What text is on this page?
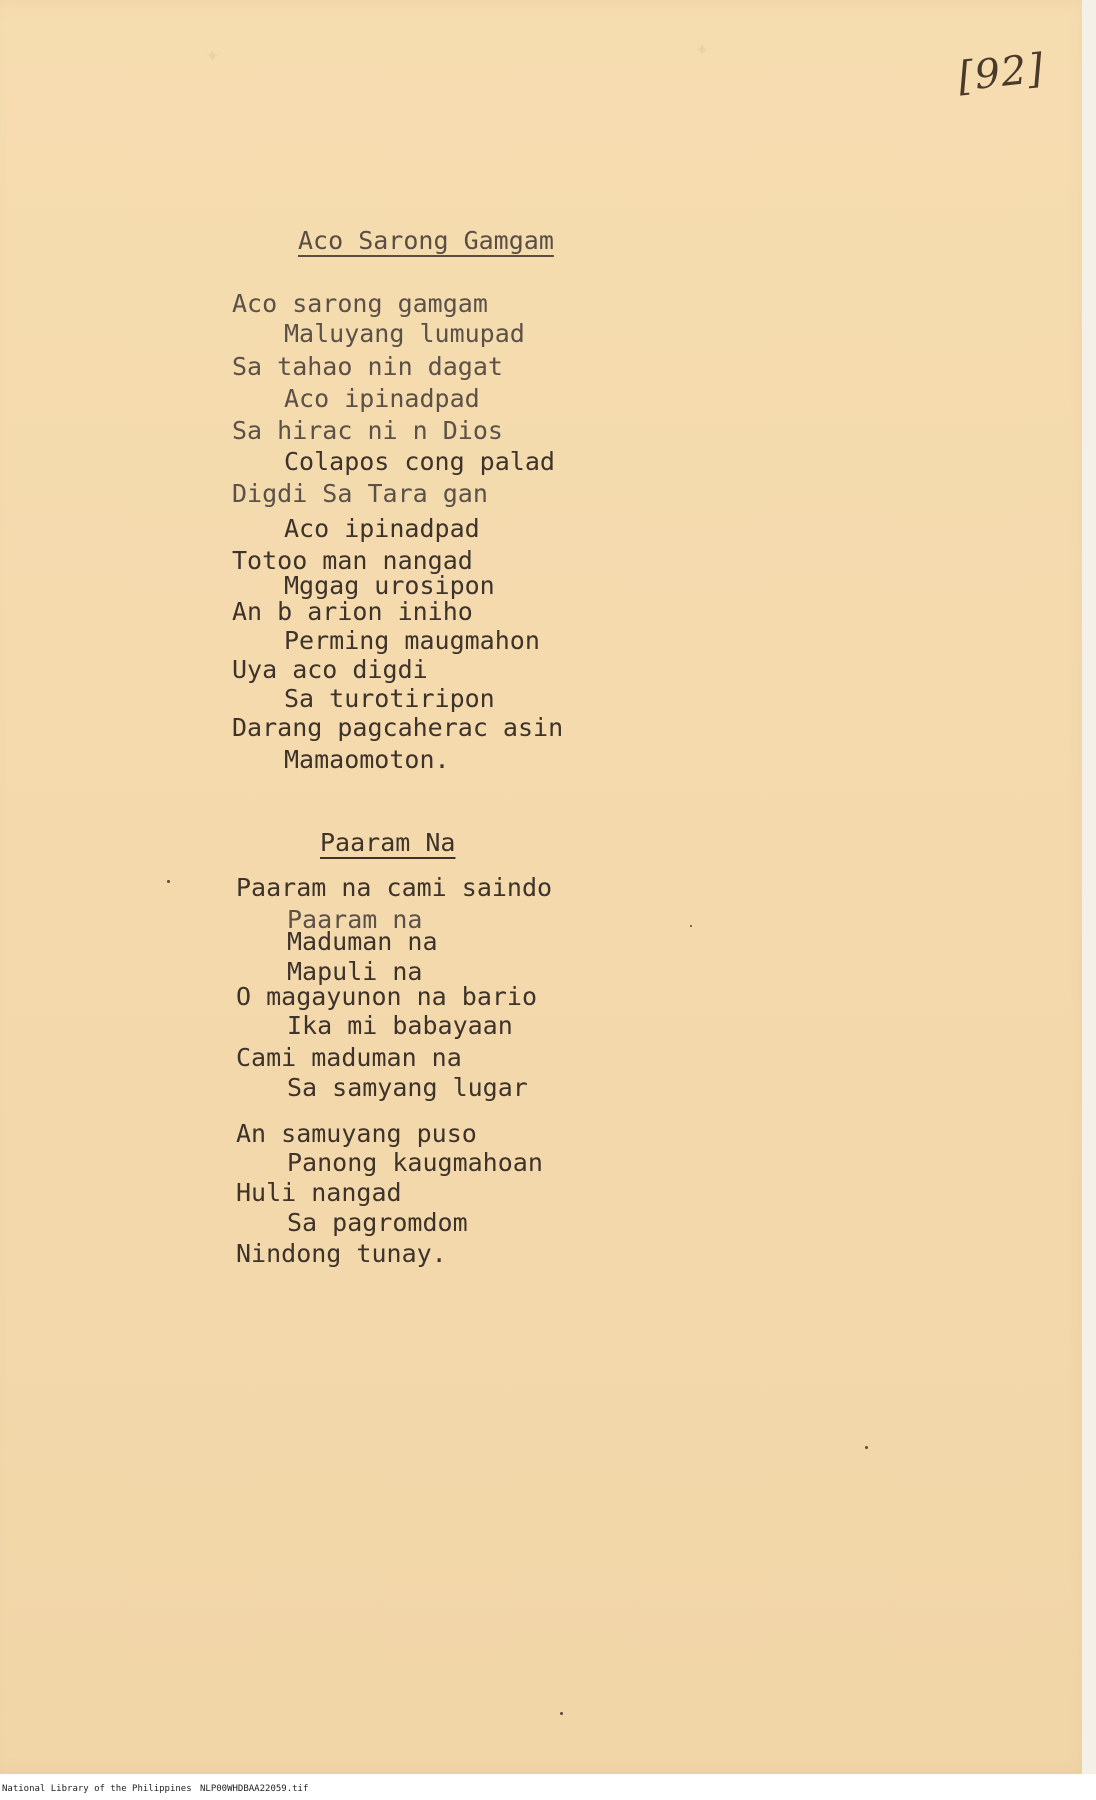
✦	✦	[92]
Aco Sarong Gamgam
Aco sarong gamgam
Maluyang lumupad
Sa tahao nin dagat
Aco ipinadpad
Sa hirac ni n Dios
Colapos cong palad
Digdi Sa Tara gan
Aco ipinadpad
Totoo man nangad
Mggag urosipon
An b arion iniho
Perming maugmahon
Uya aco digdi
Sa turotiripon
Darang pagcaherac asin
Mamaomoton.
Paaram Na
Paaram na cami saindo
Paaram na
Maduman na
Mapuli na
O magayunon na bario
Ika mi babayaan
Cami maduman na
Sa samyang lugar
An samuyang puso
Panong kaugmahoan
Huli nangad
Sa pagromdom
Nindong tunay.
National Library of the Philippines NLP00WHDBAA22059.tif
